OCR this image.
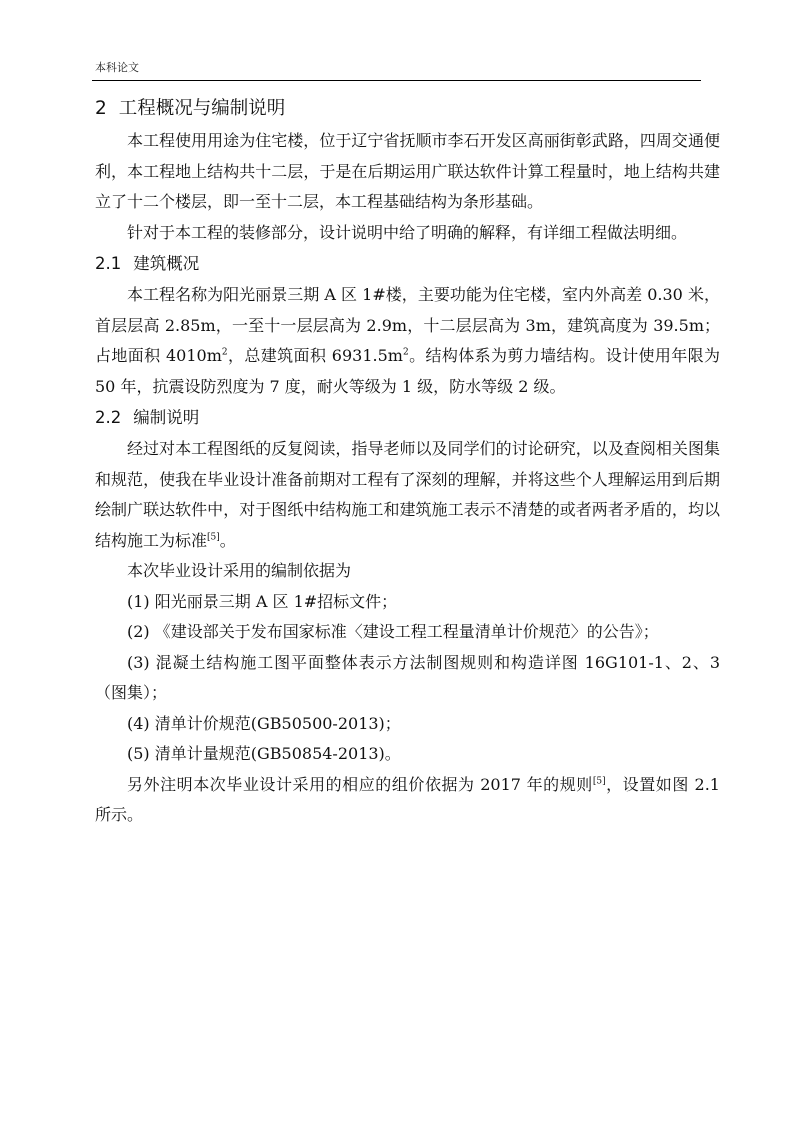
本科论文
2 工程概况与编制说明

本工程使用用途为住宅楼，位于辽宁省抚顺市李石开发区高丽街彰武路，四周交通便利，本工程地上结构共十二层，于是在后期运用广联达软件计算工程量时，地上结构共建立了十二个楼层，即一至十二层，本工程基础结构为条形基础。

针对于本工程的装修部分，设计说明中给了明确的解释，有详细工程做法明细。

2.1 建筑概况

本工程名称为阳光丽景三期 A 区 1#楼，主要功能为住宅楼，室内外高差 0.30 米，首层层高 2.85m，一至十一层层高为 2.9m，十二层层高为 3m，建筑高度为 39.5m；占地面积 $4010m^2$，总建筑面积 $6931.5m^2$。结构体系为剪力墙结构。设计使用年限为 50 年，抗震设防烈度为 7 度，耐火等级为 1 级，防水等级 2 级。

2.2 编制说明

经过对本工程图纸的反复阅读，指导老师以及同学们的讨论研究，以及查阅相关图集和规范，使我在毕业设计准备前期对工程有了深刻的理解，并将这些个人理解运用到后期绘制广联达软件中，对于图纸中结构施工和建筑施工表示不清楚的或者两者矛盾的，均以结构施工为标准[5]。

本次毕业设计采用的编制依据为

(1) 阳光丽景三期 A 区 1#招标文件；

(2) 《建设部关于发布国家标准〈建设工程工程量清单计价规范〉的公告》；

(3) 混凝土结构施工图平面整体表示方法制图规则和构造详图 16G101-1、2、3（图集）；

(4) 清单计价规范(GB50500-2013)；

(5) 清单计量规范(GB50854-2013)。

另外注明本次毕业设计采用的相应的组价依据为 2017 年的规则[5]，设置如图 2.1 所示。
